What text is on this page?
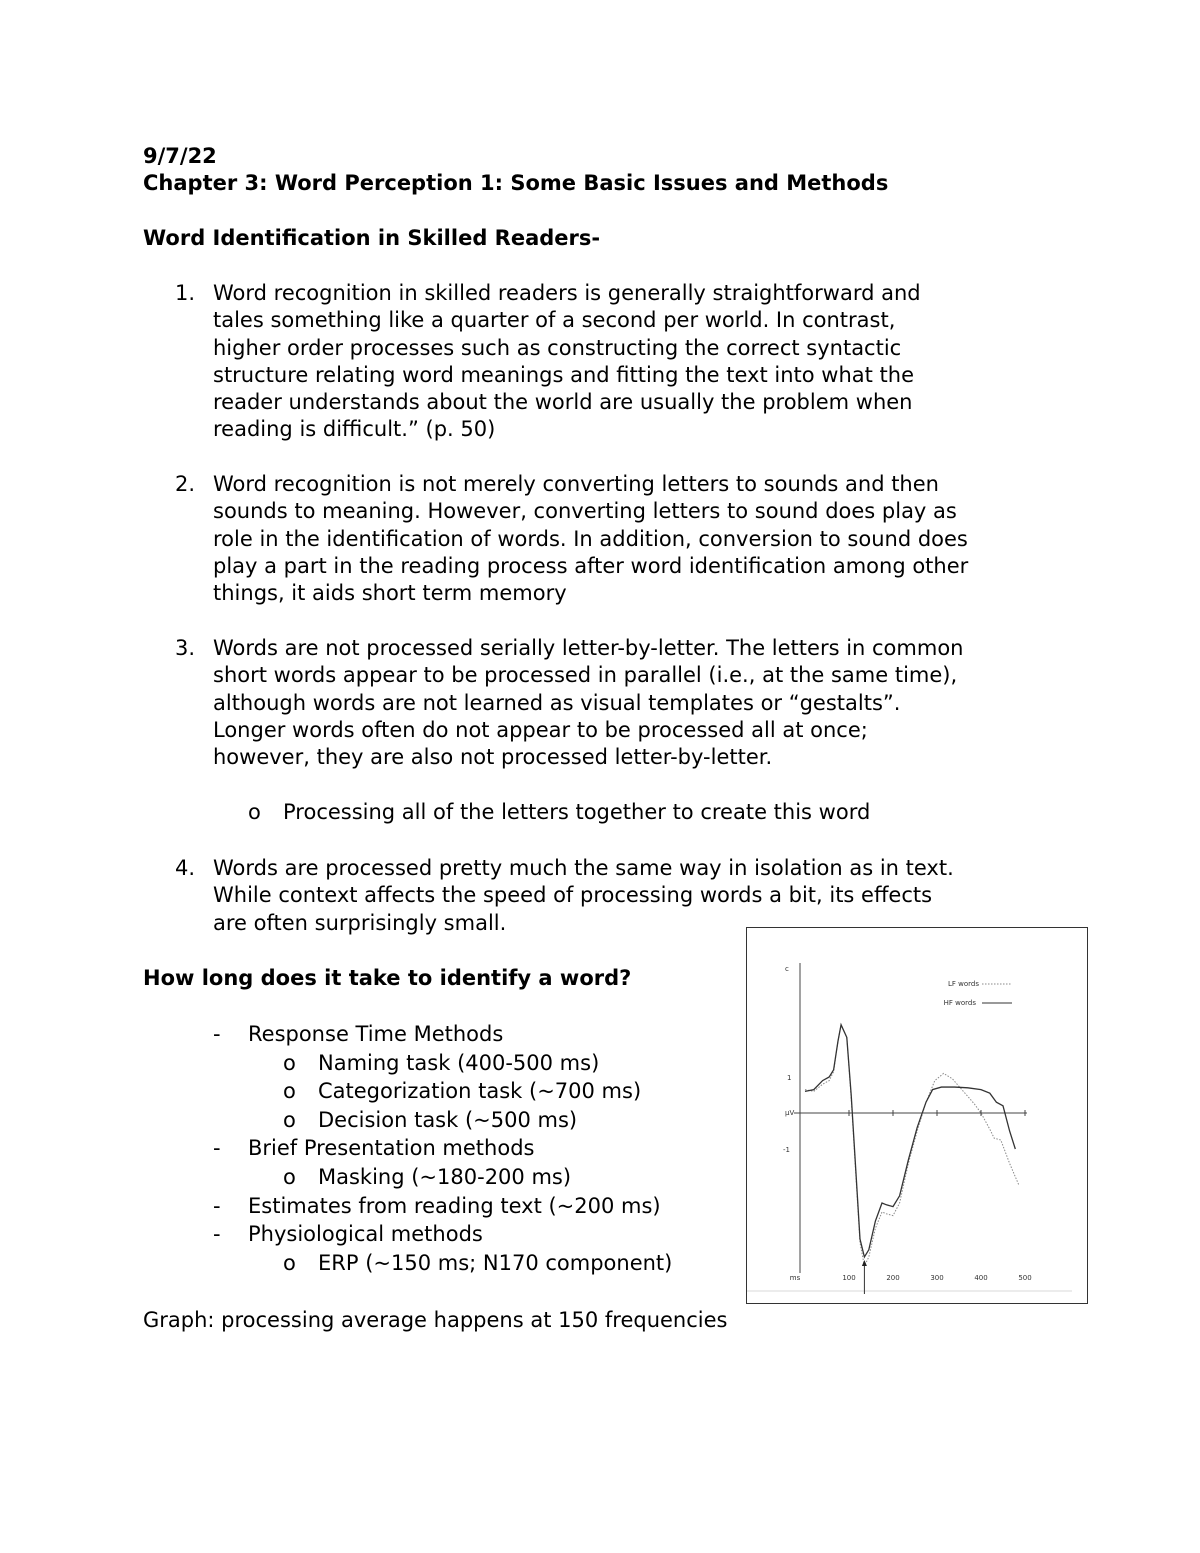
9/7/22
Chapter 3: Word Perception 1: Some Basic Issues and Methods
Word Identification in Skilled Readers-
1. Word recognition in skilled readers is generally straightforward and
tales something like a quarter of a second per world. In contrast,
higher order processes such as constructing the correct syntactic
structure relating word meanings and fitting the text into what the
reader understands about the world are usually the problem when
reading is difficult.” (p. 50)
2. Word recognition is not merely converting letters to sounds and then
sounds to meaning. However, converting letters to sound does play as
role in the identification of words. In addition, conversion to sound does
play a part in the reading process after word identification among other
things, it aids short term memory
3. Words are not processed serially letter-by-letter. The letters in common
short words appear to be processed in parallel (i.e., at the same time),
although words are not learned as visual templates or “gestalts”.
Longer words often do not appear to be processed all at once;
however, they are also not processed letter-by-letter.
4. Words are processed pretty much the same way in isolation as in text.
While context affects the speed of processing words a bit, its effects
are often surprisingly small.
o Processing all of the letters together to create this word
How long does it take to identify a word?
- Response Time Methods
o Naming task (400-500 ms)
o Categorization task (~700 ms)
o Decision task (~500 ms)
- Brief Presentation methods
o Masking (~180-200 ms)
- Estimates from reading text (~200 ms)
- Physiological methods
o ERP (~150 ms; N170 component)
Graph: processing average happens at 150 frequencies
100	200	300	400	500
ms
µV
c
1
-1
LF words
HF words
